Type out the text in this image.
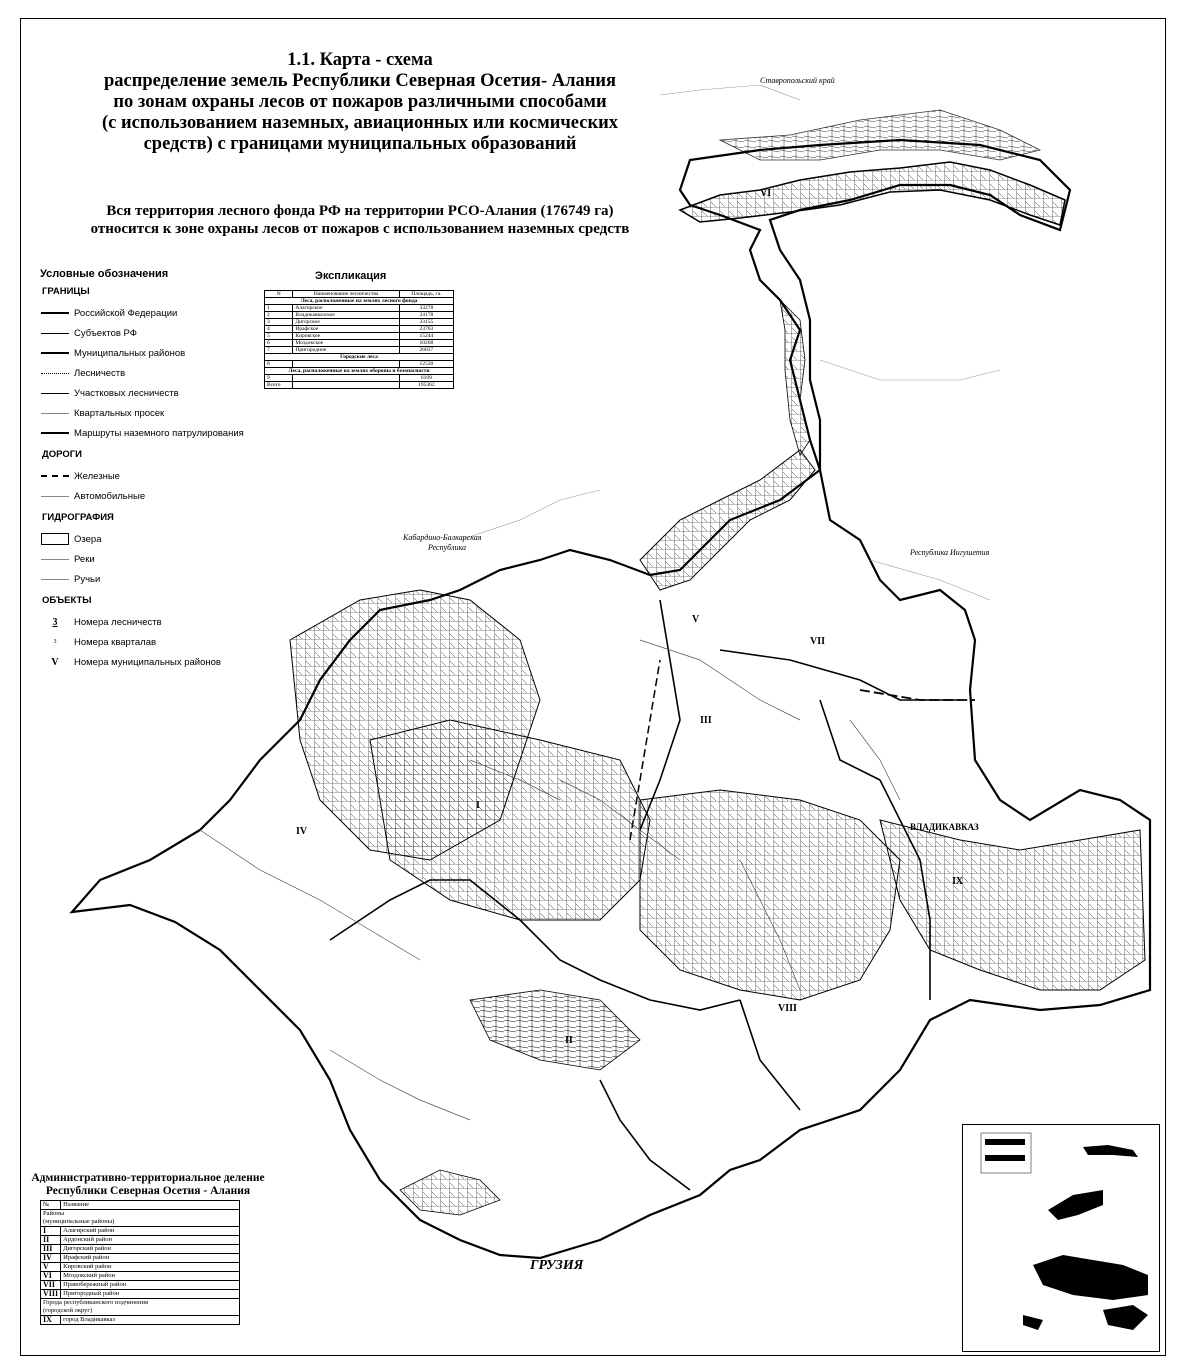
1.1. Карта - схема
распределение земель Республики Северная Осетия- Алания
по зонам охраны лесов от пожаров различными способами
(с использованием наземных, авиационных или космических
средств) с границами муниципальных образований
Вся территория лесного фонда РФ на территории РСО-Алания (176749 га)
относится к зоне охраны лесов от пожаров с использованием наземных средств
Условные обозначения
ГРАНИЦЫ
Российской Федерации
Субъектов РФ
Муниципальных районов
Лесничеств
Участковых лесничеств
Квартальных просек
Маршруты наземного патрулирования
ДОРОГИ
Железные
Автомобильные
ГИДРОГРАФИЯ
Озера
Реки
Ручьи
ОБЪЕКТЫ
3 Номера лесничеств
3 Номера кварталав
V Номера муниципальных районов
Экспликация
N	Наименование лесничества	Площадь, га.
Леса, расположенные на землях лесного фонда		
1	Алагирское	33278
2	Владикавказское	34178
3	Дигорское	33155
4	Ирафское	23763
5	Кировское	15244
6	Моздокское	10268
7	Пригородное	26837
Городские леса		
8		12530
Леса, расположенные на землях обороны и безопасности		
9		6109
Всего		195362
Ставропольский край
Кабардино-Балкарская
Республика
Республика Ингушетия
ВЛАДИКАВКАЗ
ГРУЗИЯ
I
II
III
IV
V
VI
VII
VIII
IX
Административно-территориальное деление
Республики Северная Осетия - Алания
№	Название
Районы	
(муниципальные районы)	
I	Алагирский район
II	Ардонский район
III	Дигорский район
IV	Ирафский район
V	Кировский район
VI	Моздокский район
VII	Правобережный район
VIII	Пригородный район
Города республиканского подчинения	
(городской округ)	
IX	город Владикавказ
